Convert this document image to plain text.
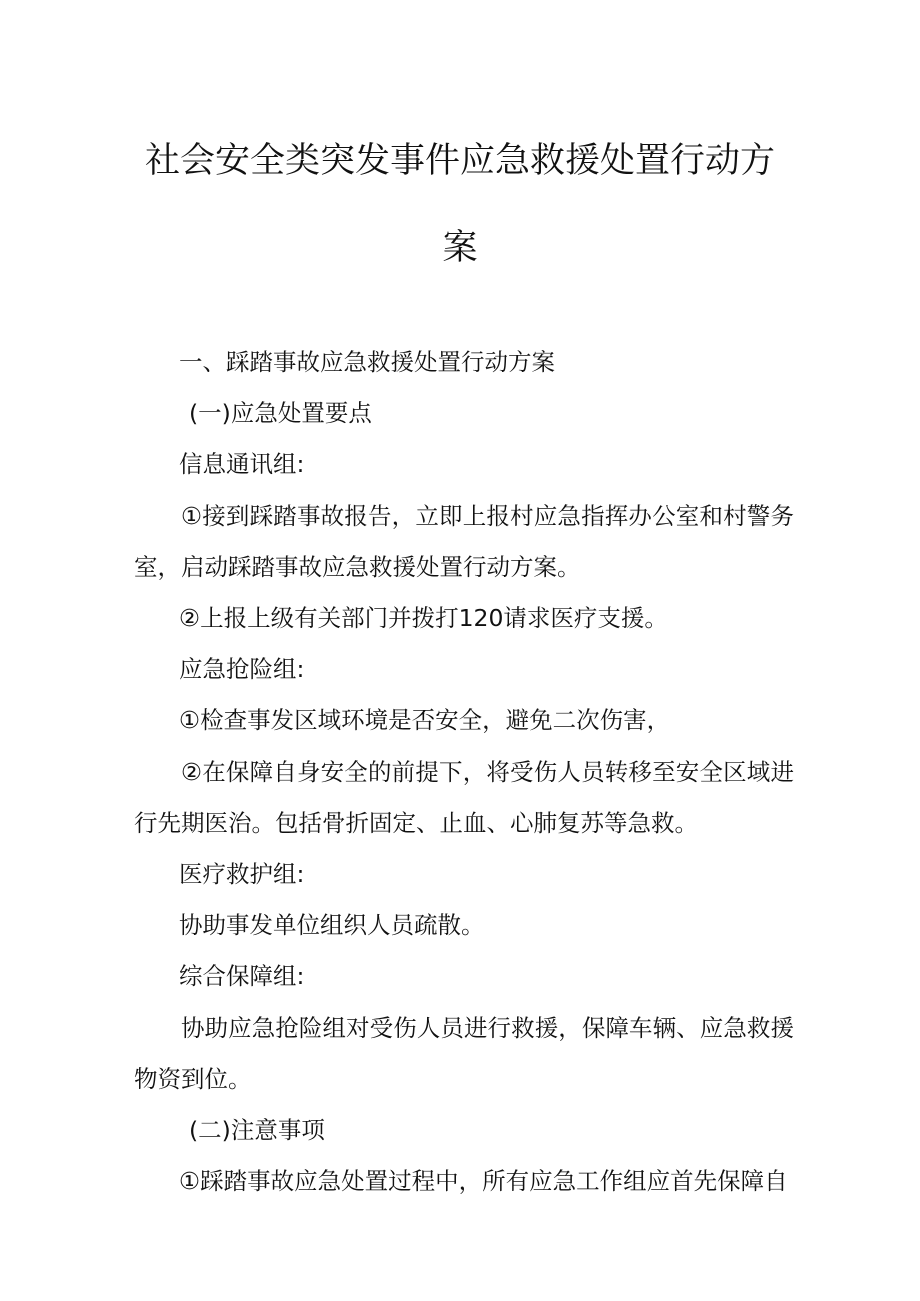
社会安全类突发事件应急救援处置行动方
案

一、踩踏事故应急救援处置行动方案

(一)应急处置要点

信息通讯组:

①接到踩踏事故报告，立即上报村应急指挥办公室和村警务室，启动踩踏事故应急救援处置行动方案。

②上报上级有关部门并拨打120请求医疗支援。

应急抢险组:

①检查事发区域环境是否安全，避免二次伤害，

②在保障自身安全的前提下，将受伤人员转移至安全区域进行先期医治。包括骨折固定、止血、心肺复苏等急救。

医疗救护组:

协助事发单位组织人员疏散。

综合保障组:

协助应急抢险组对受伤人员进行救援，保障车辆、应急救援物资到位。

(二)注意事项

①踩踏事故应急处置过程中，所有应急工作组应首先保障自
